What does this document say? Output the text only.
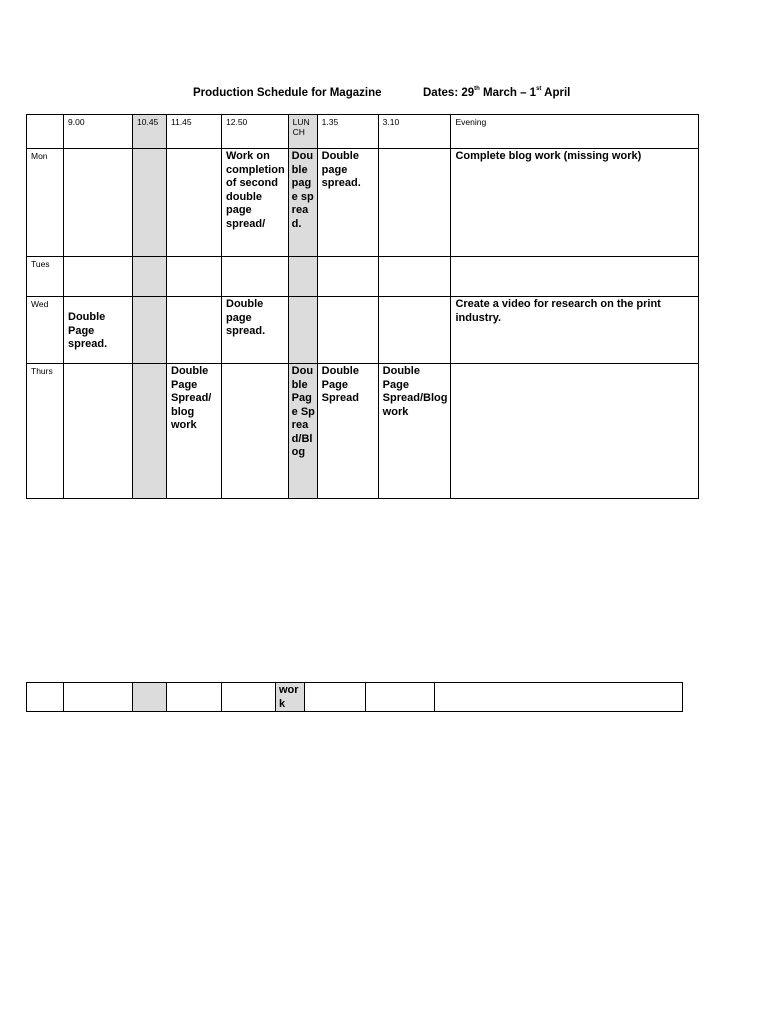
Production Schedule for Magazine	Dates: 29th March – 1st April
	9.00	10.45	11.45	12.50	LUNCH	1.35	3.10	Evening
Mon				Work on completion of second double page spread/	Double page spread.	Double page spread.		Complete blog work (missing work)
Tues								
Wed	Double Page spread.			Double page spread.				Create a video for research on the print industry.
Thurs			Double Page Spread/ blog work		Double Page Spread/Blog	Double Page Spread	Double Page Spread/Blog work	
					work			
